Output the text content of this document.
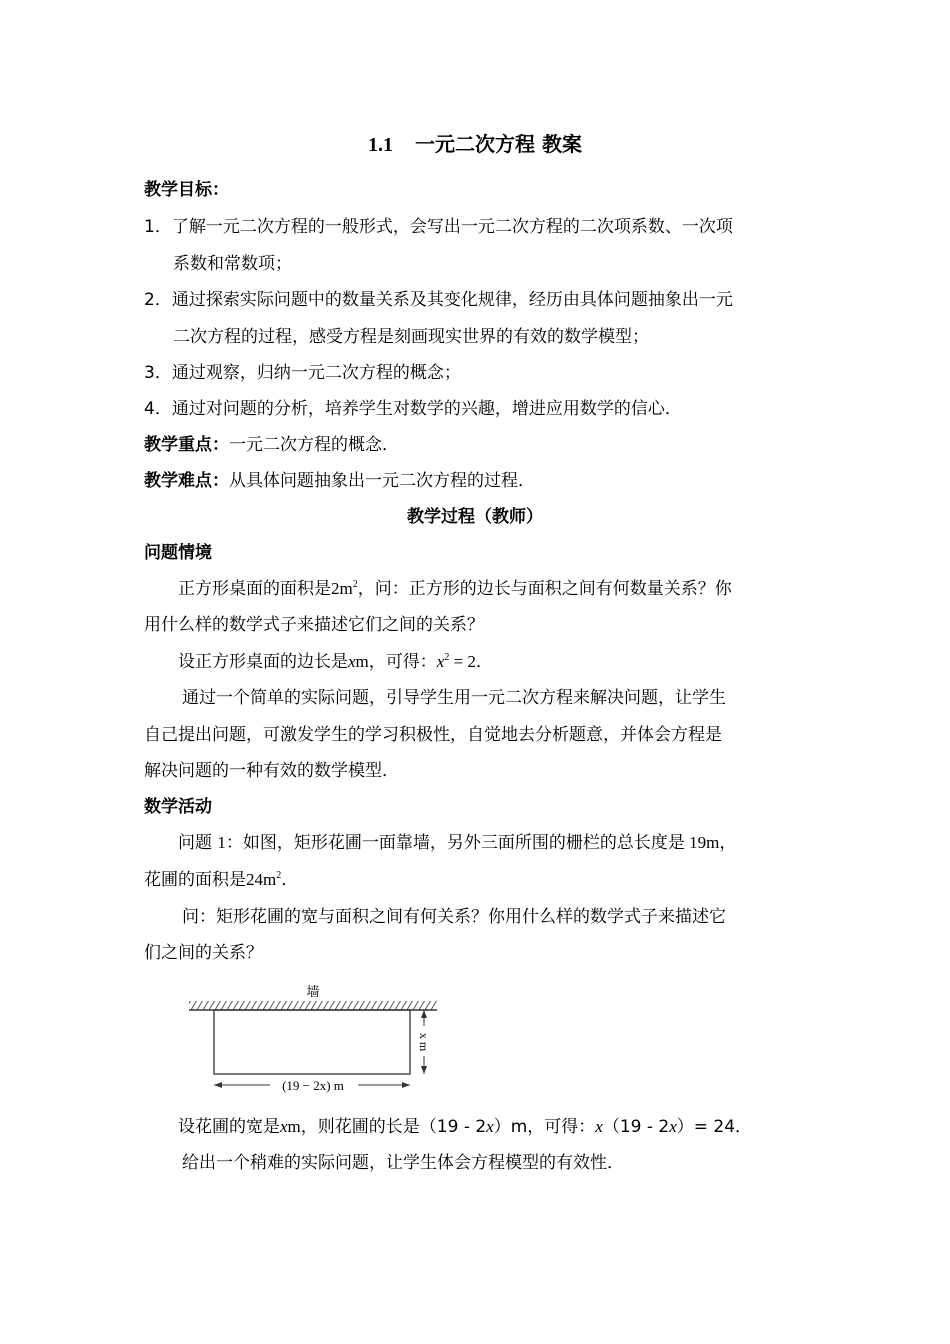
1.1 一元二次方程 教案
教学目标：
1．了解一元二次方程的一般形式，会写出一元二次方程的二次项系数、一次项
系数和常数项；
2．通过探索实际问题中的数量关系及其变化规律，经历由具体问题抽象出一元
二次方程的过程，感受方程是刻画现实世界的有效的数学模型；
3．通过观察，归纳一元二次方程的概念；
4．通过对问题的分析，培养学生对数学的兴趣，增进应用数学的信心．
教学重点：一元二次方程的概念．
教学难点：从具体问题抽象出一元二次方程的过程．
教学过程（教师）
问题情境
正方形桌面的面积是$2m^2$，问：正方形的边长与面积之间有何数量关系？你
用什么样的数学式子来描述它们之间的关系？
设正方形桌面的边长是xm，可得：$x^2 = 2$．
通过一个简单的实际问题，引导学生用一元二次方程来解决问题，让学生
自己提出问题，可激发学生的学习积极性，自觉地去分析题意，并体会方程是
解决问题的一种有效的数学模型．
数学活动
问题 1：如图，矩形花圃一面靠墙，另外三面所围的栅栏的总长度是 19m，
花圃的面积是$24m^2$．
问：矩形花圃的宽与面积之间有何关系？你用什么样的数学式子来描述它
们之间的关系？
墙
(19 − 2x) m
x m
设花圃的宽是xm，则花圃的长是（19 - 2x）m，可得：x（19 - 2x）= 24．
给出一个稍难的实际问题，让学生体会方程模型的有效性．
